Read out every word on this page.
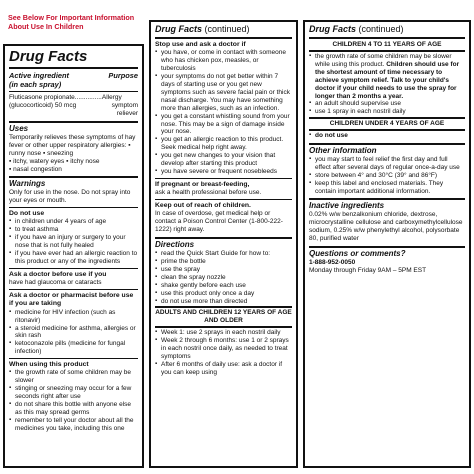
See Below For Important Information About Use In Children
Drug Facts
Active ingredient	Purpose
(in each spray)
Fluticasone propionate...............Allergy
(glucocorticoid) 50 mcg	symptom
reliever
Uses
Temporarily relieves these symptoms of hay fever or other upper respiratory allergies: ▪ runny nose ▪ sneezing
▪ itchy, watery eyes ▪ itchy nose
▪ nasal congestion
Warnings
Only for use in the nose. Do not spray into your eyes or mouth.
Do not use
▪ in children under 4 years of age
▪ to treat asthma
▪ if you have an injury or surgery to your nose that is not fully healed
▪ if you have ever had an allergic reaction to this product or any of the ingredients
Ask a doctor before use if you
have had glaucoma or cataracts
Ask a doctor or pharmacist before use if you are taking
▪ medicine for HIV infection (such as ritonavir)
▪ a steroid medicine for asthma, allergies or skin rash
▪ ketoconazole pills (medicine for fungal infection)
When using this product
▪ the growth rate of some children may be slower
▪ stinging or sneezing may occur for a few seconds right after use
▪ do not share this bottle with anyone else as this may spread germs
▪ remember to tell your doctor about all the medicines you take, including this one
Drug Facts (continued)
Stop use and ask a doctor if
▪ you have, or come in contact with someone who has chicken pox, measles, or tuberculosis
▪ your symptoms do not get better within 7 days of starting use or you get new symptoms such as severe facial pain or thick nasal discharge. You may have something more than allergies, such as an infection.
▪ you get a constant whistling sound from your nose. This may be a sign of damage inside your nose.
▪ you get an allergic reaction to this product. Seek medical help right away.
▪ you get new changes to your vision that develop after starting this product
▪ you have severe or frequent nosebleeds
If pregnant or breast-feeding,
ask a health professional before use.
Keep out of reach of children.
In case of overdose, get medical help or contact a Poison Control Center (1-800-222-1222) right away.
Directions
▪ read the Quick Start Guide for how to:
▪ prime the bottle
▪ use the spray
▪ clean the spray nozzle
▪ shake gently before each use
▪ use this product only once a day
▪ do not use more than directed
ADULTS AND CHILDREN 12 YEARS OF AGE AND OLDER
▪ Week 1: use 2 sprays in each nostril daily
▪ Week 2 through 6 months: use 1 or 2 sprays in each nostril once daily, as needed to treat symptoms
▪ After 6 months of daily use: ask a doctor if you can keep using
Drug Facts (continued)
CHILDREN 4 TO 11 YEARS OF AGE
▪ the growth rate of some children may be slower while using this product. Children should use for the shortest amount of time necessary to achieve symptom relief. Talk to your child's doctor if your child needs to use the spray for longer than 2 months a year.
▪ an adult should supervise use
▪ use 1 spray in each nostril daily
CHILDREN UNDER 4 YEARS OF AGE
▪ do not use
Other information
▪ you may start to feel relief the first day and full effect after several days of regular once-a-day use
▪ store between 4° and 30°C (39° and 86°F)
▪ keep this label and enclosed materials. They contain important additional information.
Inactive ingredients
0.02% w/w benzalkonium chloride, dextrose, microcrystalline cellulose and carboxymethylcellulose sodium, 0.25% w/w phenylethyl alcohol, polysorbate 80, purified water
Questions or comments?
1-888-952-0050
Monday through Friday 9AM – 5PM EST
